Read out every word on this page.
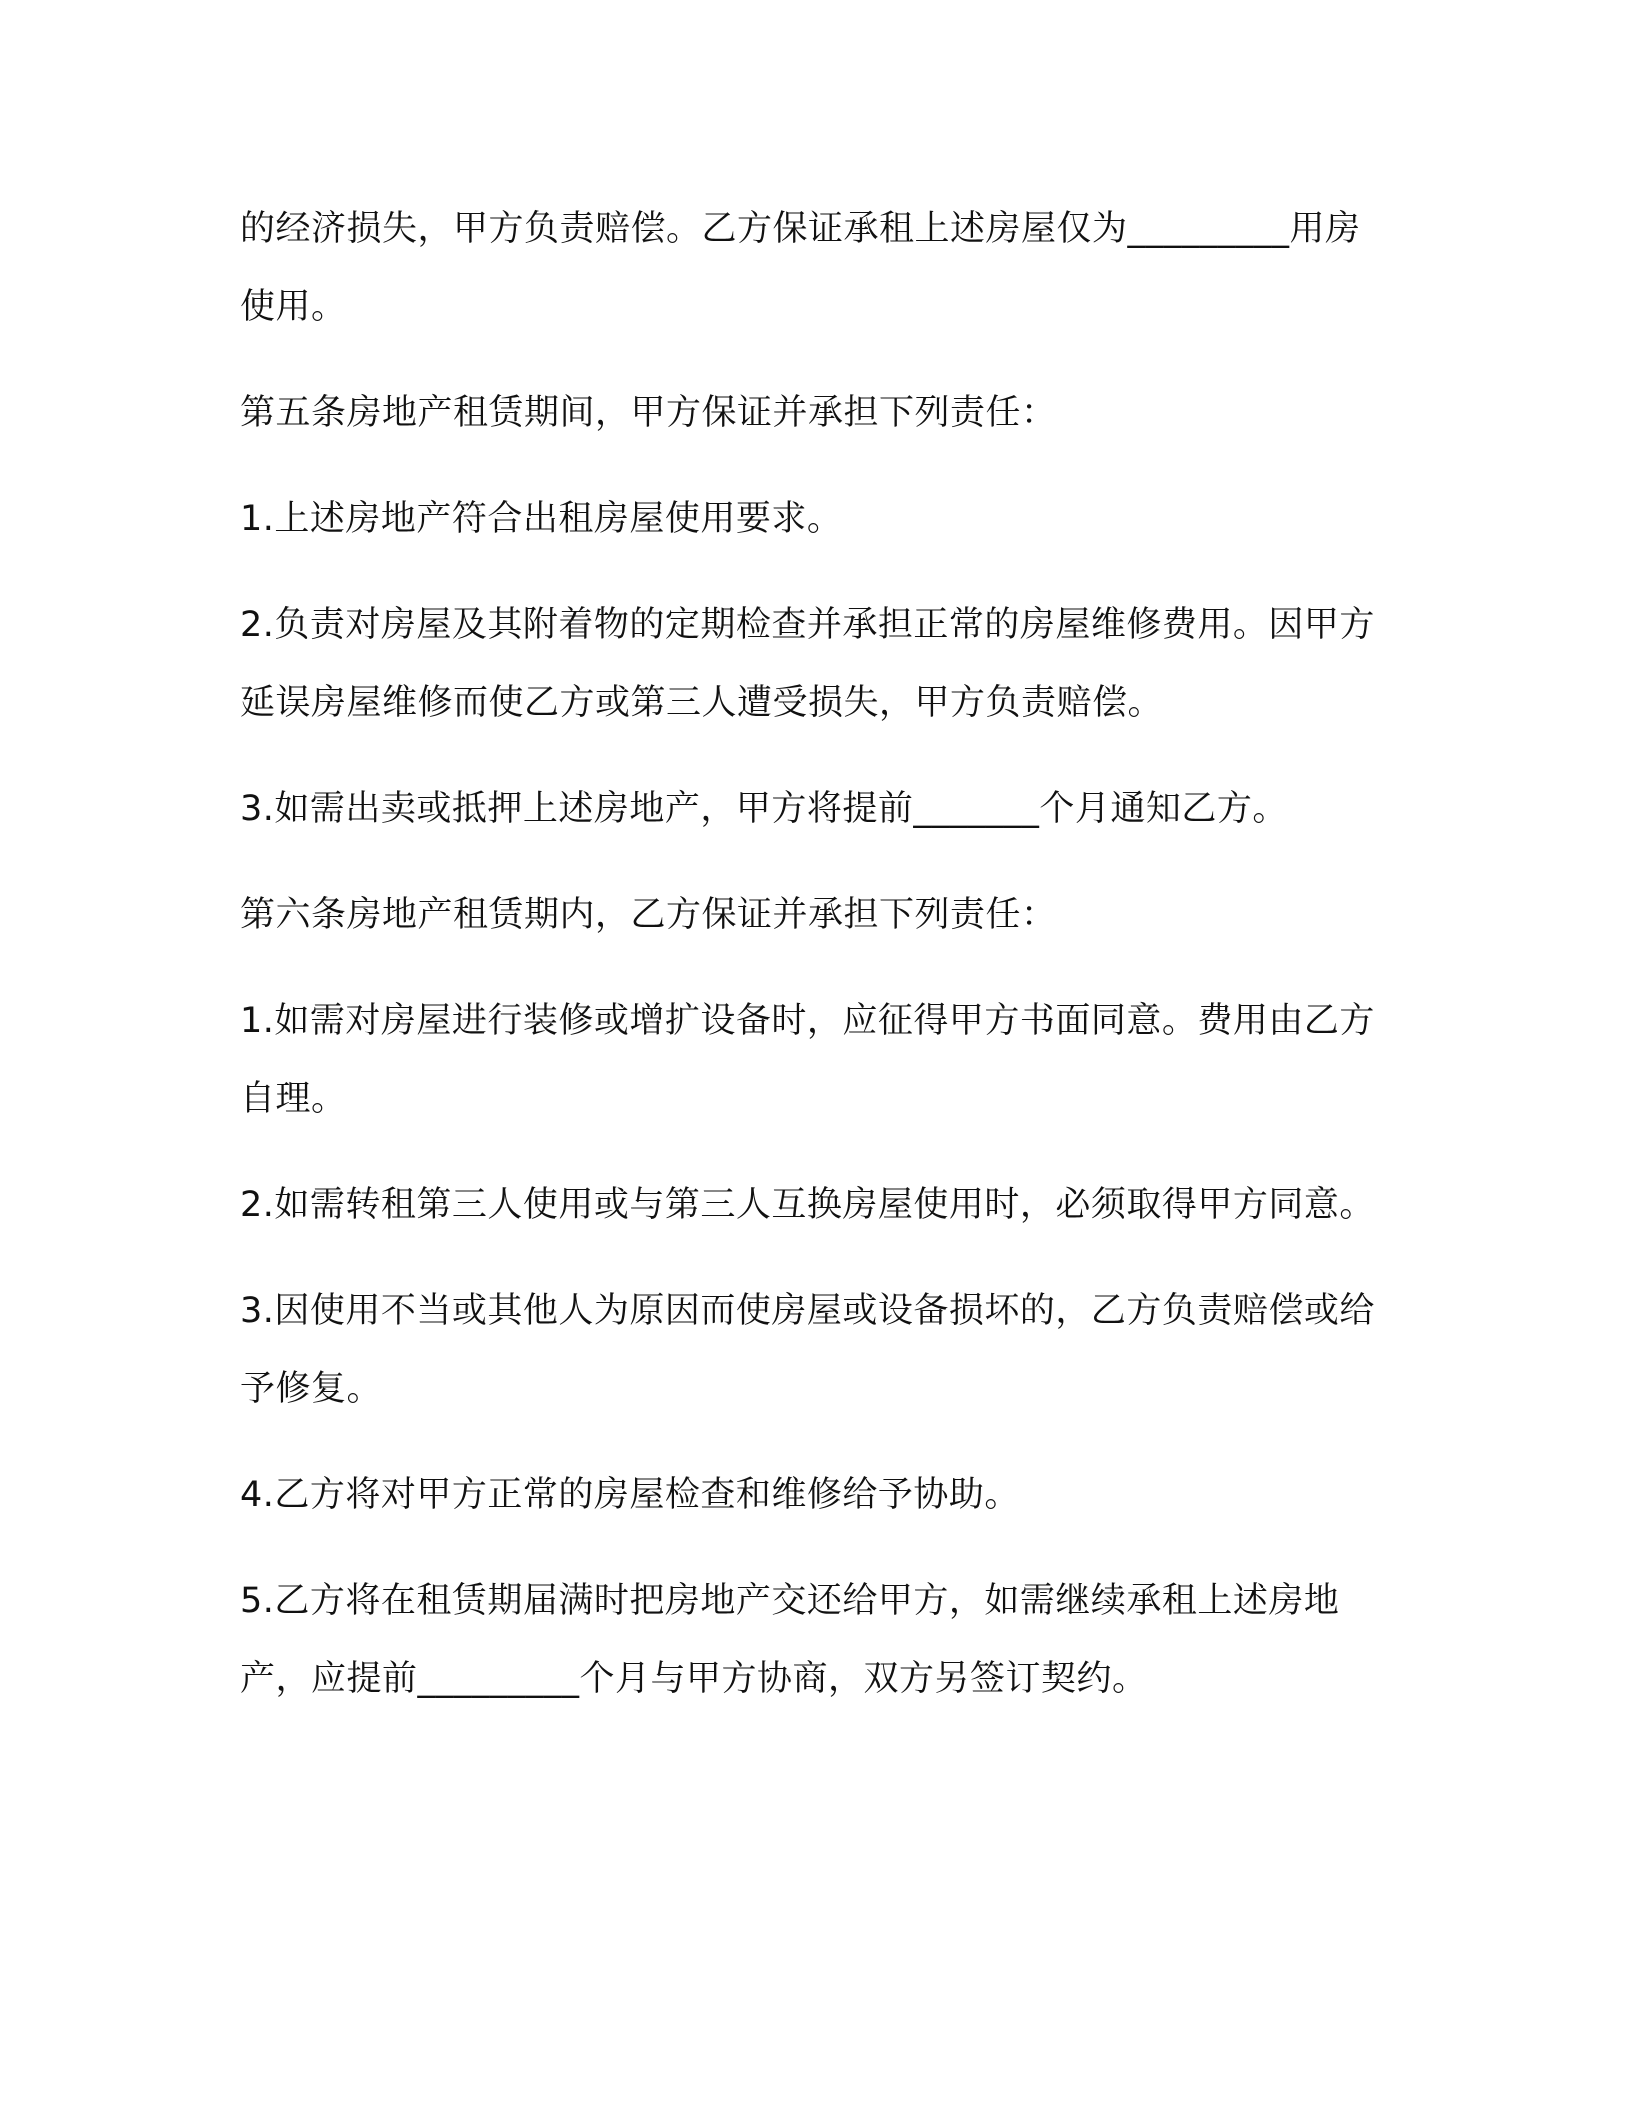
的经济损失，甲方负责赔偿。乙方保证承租上述房屋仅为_________用房使用。

第五条房地产租赁期间，甲方保证并承担下列责任：

1.上述房地产符合出租房屋使用要求。

2.负责对房屋及其附着物的定期检查并承担正常的房屋维修费用。因甲方延误房屋维修而使乙方或第三人遭受损失，甲方负责赔偿。

3.如需出卖或抵押上述房地产，甲方将提前_______个月通知乙方。

第六条房地产租赁期内，乙方保证并承担下列责任：

1.如需对房屋进行装修或增扩设备时，应征得甲方书面同意。费用由乙方自理。

2.如需转租第三人使用或与第三人互换房屋使用时，必须取得甲方同意。

3.因使用不当或其他人为原因而使房屋或设备损坏的，乙方负责赔偿或给予修复。

4.乙方将对甲方正常的房屋检查和维修给予协助。

5.乙方将在租赁期届满时把房地产交还给甲方，如需继续承租上述房地产，应提前_________个月与甲方协商，双方另签订契约。
